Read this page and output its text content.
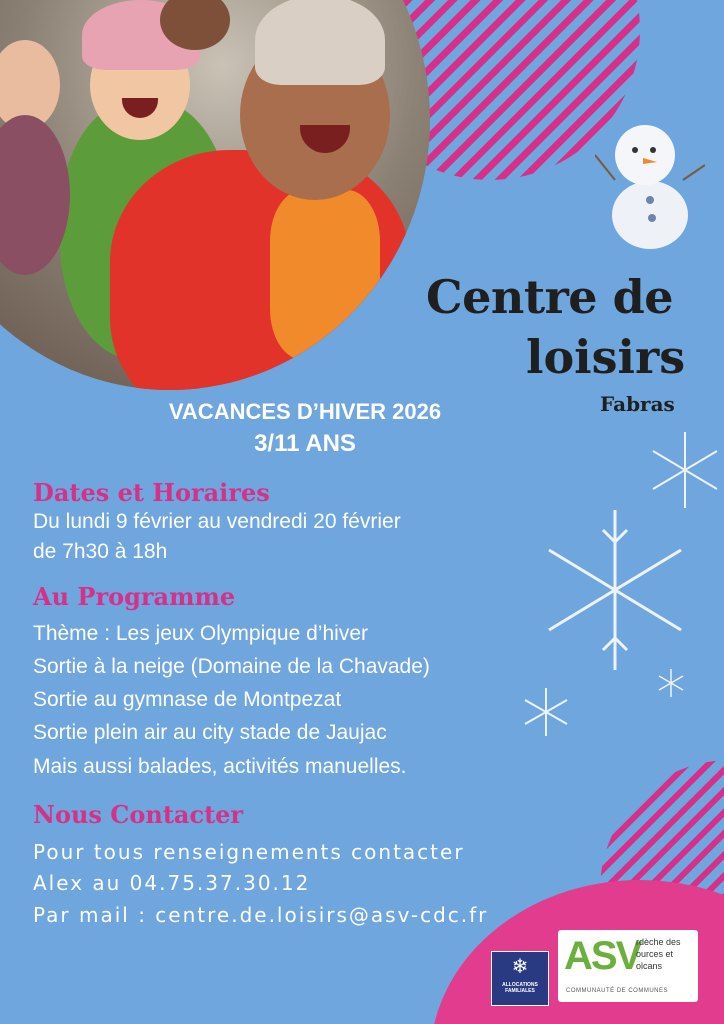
Centre de
loisirs
Fabras
VACANCES D’HIVER 2026
3/11 ANS
Dates et Horaires
Du lundi 9 février au vendredi 20 février
de 7h30 à 18h
Au Programme
Thème : Les jeux Olympique d’hiver
Sortie à la neige (Domaine de la Chavade)
Sortie au gymnase de Montpezat
Sortie plein air au city stade de Jaujac
Mais aussi balades, activités manuelles.
Nous Contacter
Pour tous renseignements contacter
Alex au 04.75.37.30.12
Par mail : centre.de.loisirs@asv-cdc.fr
❄
ALLOCATIONS
FAMILIALES
ASV
rdèche des
ources et
olcans
COMMUNAUTÉ DE COMMUNES
